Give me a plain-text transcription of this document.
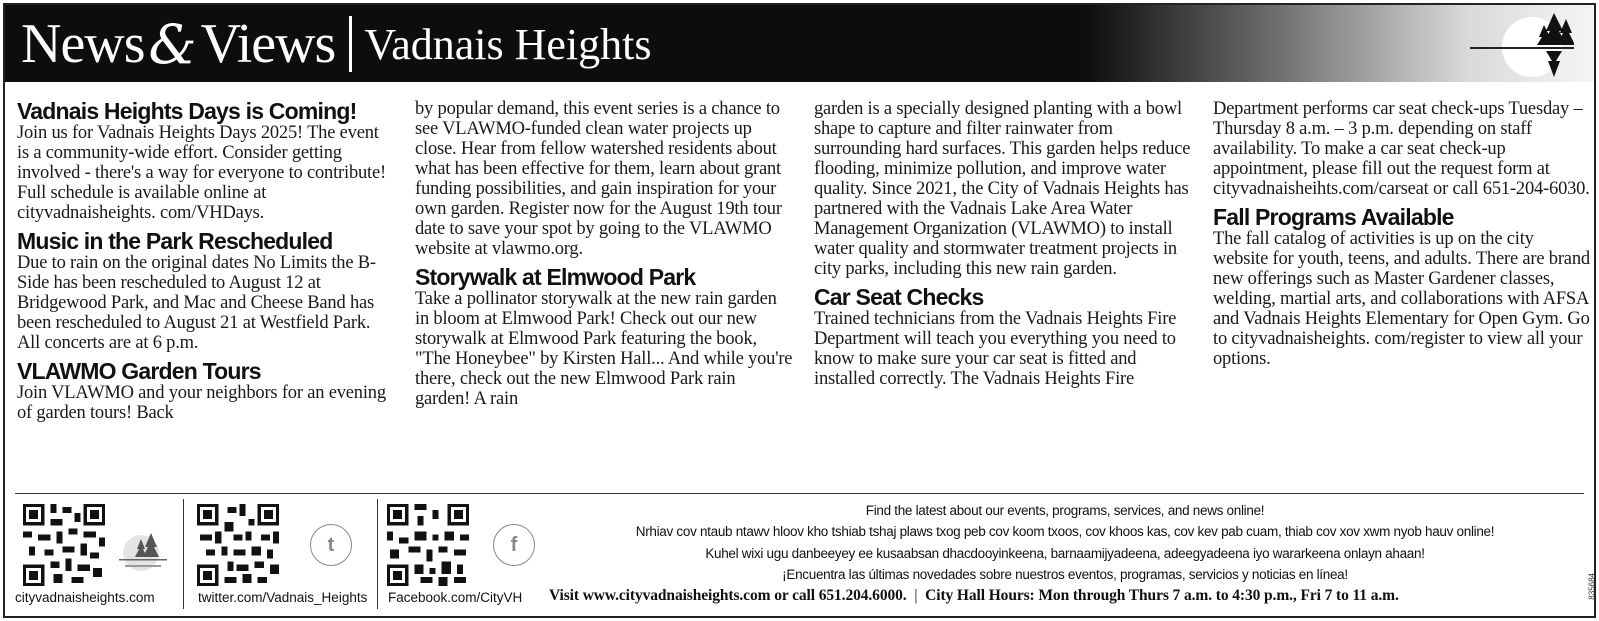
News & Views Vadnais Heights
Vadnais Heights Days is Coming!

Join us for Vadnais Heights Days 2025! The event is a community-wide effort. Consider getting involved - there's a way for everyone to contribute! Full schedule is available online at cityvadnaisheights. com/VHDays.

Music in the Park Rescheduled

Due to rain on the original dates No Limits the B-Side has been rescheduled to August 12 at Bridgewood Park, and Mac and Cheese Band has been rescheduled to August 21 at Westfield Park. All concerts are at 6 p.m.

VLAWMO Garden Tours

Join VLAWMO and your neighbors for an evening of garden tours! Back

by popular demand, this event series is a chance to see VLAWMO-funded clean water projects up close. Hear from fellow watershed residents about what has been effective for them, learn about grant funding possibilities, and gain inspiration for your own garden. Register now for the August 19th tour date to save your spot by going to the VLAWMO website at vlawmo.org.

Storywalk at Elmwood Park

Take a pollinator storywalk at the new rain garden in bloom at Elmwood Park! Check out our new storywalk at Elmwood Park featuring the book, "The Honeybee" by Kirsten Hall... And while you're there, check out the new Elmwood Park rain garden! A rain

garden is a specially designed planting with a bowl shape to capture and filter rainwater from surrounding hard surfaces. This garden helps reduce flooding, minimize pollution, and improve water quality. Since 2021, the City of Vadnais Heights has partnered with the Vadnais Lake Area Water Management Organization (VLAWMO) to install water quality and stormwater treatment projects in city parks, including this new rain garden.

Car Seat Checks

Trained technicians from the Vadnais Heights Fire Department will teach you everything you need to know to make sure your car seat is fitted and installed correctly. The Vadnais Heights Fire

Department performs car seat check-ups Tuesday – Thursday 8 a.m. – 3 p.m. depending on staff availability. To make a car seat check-up appointment, please fill out the request form at cityvadnaisheihts.com/carseat or call 651-204-6030.

Fall Programs Available

The fall catalog of activities is up on the city website for youth, teens, and adults. There are brand new offerings such as Master Gardener classes, welding, martial arts, and collaborations with AFSA and Vadnais Heights Elementary for Open Gym. Go to cityvadnaisheights. com/register to view all your options.

cityvadnaisheights.com
t
twitter.com/Vadnais_Heights
f
Facebook.com/CityVH
Find the latest about our events, programs, services, and news online!
Nrhiav cov ntaub ntawv hloov kho tshiab tshaj plaws txog peb cov koom txoos, cov khoos kas, cov kev pab cuam, thiab cov xov xwm nyob hauv online!
Kuhel wixi ugu danbeeyey ee kusaabsan dhacdooyinkeena, barnaamijyadeena, adeegyadeena iyo wararkeena onlayn ahaan!
¡Encuentra las últimas novedades sobre nuestros eventos, programas, servicios y noticias en línea!
Visit www.cityvadnaisheights.com or call 651.204.6000. | City Hall Hours: Mon through Thurs 7 a.m. to 4:30 p.m., Fri 7 to 11 a.m.	835684
